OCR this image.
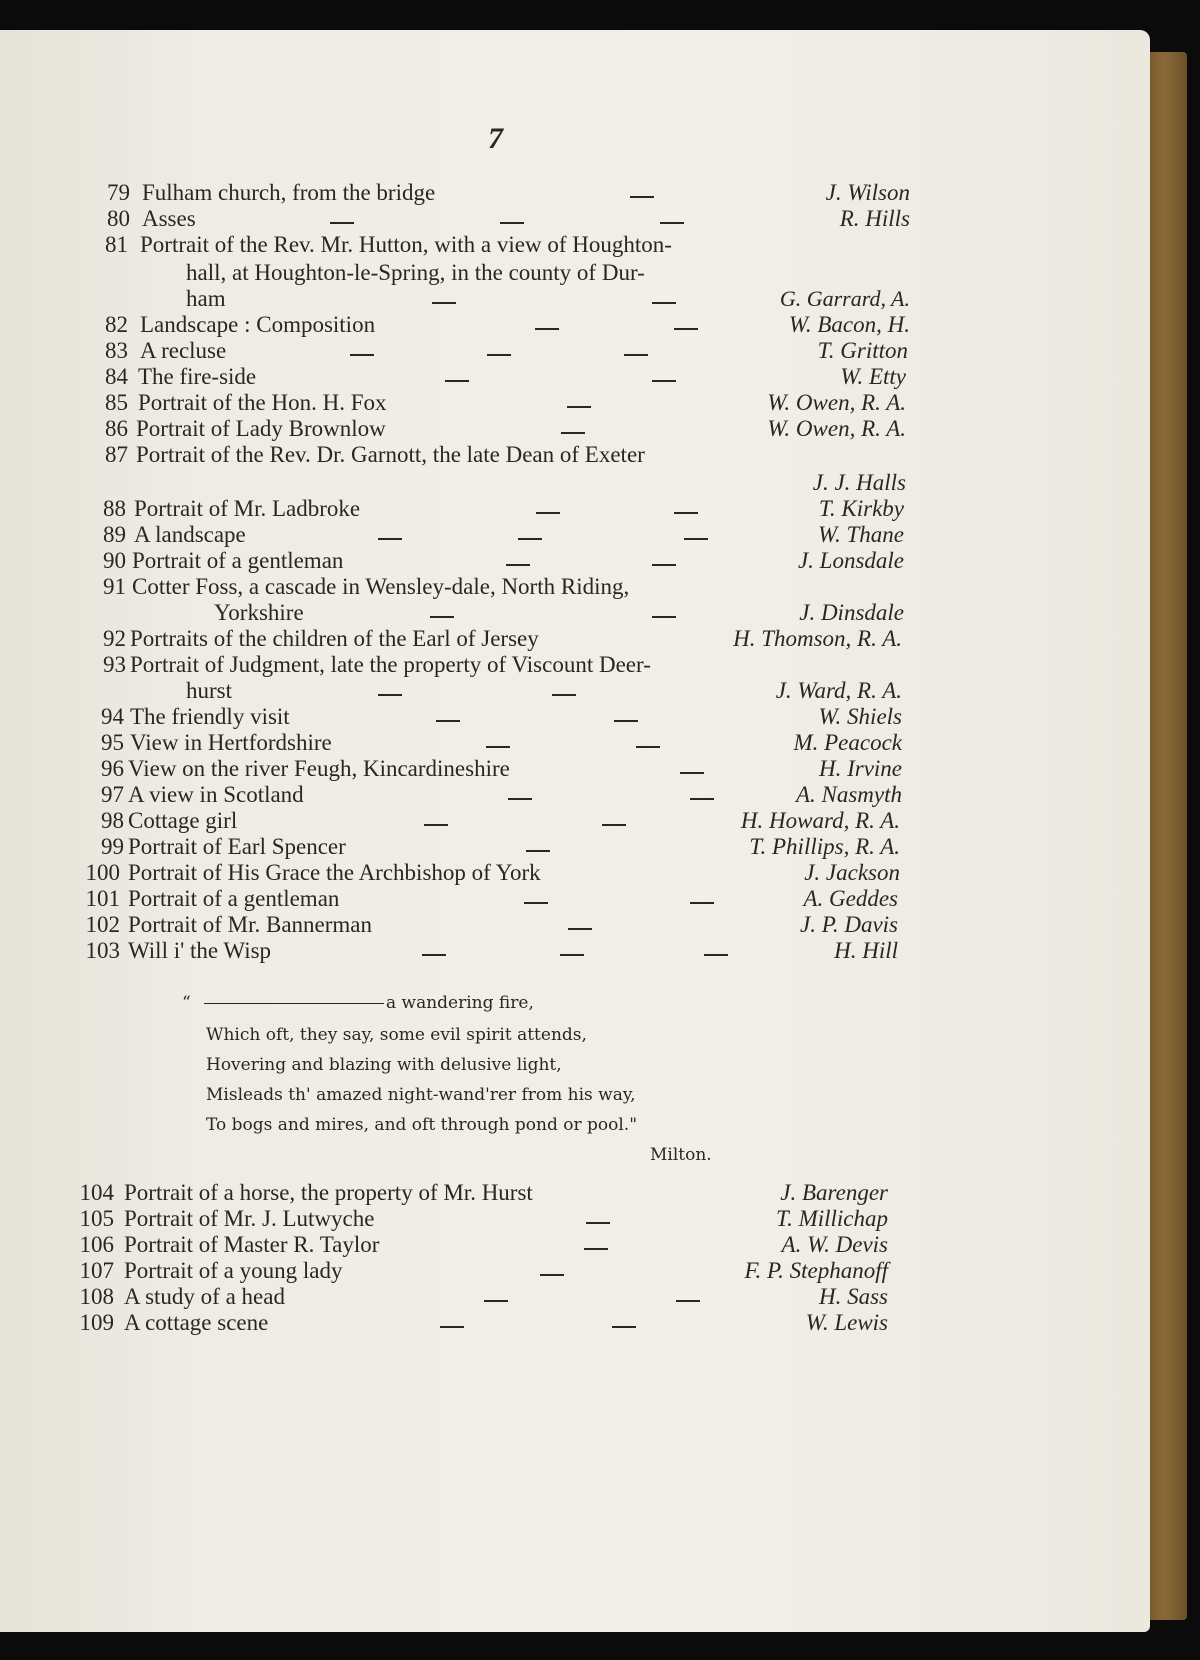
7
79 Fulham church, from the bridge	J. Wilson
80 Asses	R. Hills
81 Portrait of the Rev. Mr. Hutton, with a view of Houghton-
hall, at Houghton-le-Spring, in the county of Dur-
ham	G. Garrard, A.
82 Landscape : Composition	W. Bacon, H.
83 A recluse	T. Gritton
84 The fire-side	W. Etty
85 Portrait of the Hon. H. Fox	W. Owen, R. A.
86 Portrait of Lady Brownlow	W. Owen, R. A.
87 Portrait of the Rev. Dr. Garnott, the late Dean of Exeter
J. J. Halls
88 Portrait of Mr. Ladbroke	T. Kirkby
89 A landscape	W. Thane
90 Portrait of a gentleman	J. Lonsdale
91 Cotter Foss, a cascade in Wensley-dale, North Riding,
Yorkshire	J. Dinsdale
92 Portraits of the children of the Earl of Jersey	H. Thomson, R. A.
93 Portrait of Judgment, late the property of Viscount Deer-
hurst	J. Ward, R. A.
94 The friendly visit	W. Shiels
95 View in Hertfordshire	M. Peacock
96 View on the river Feugh, Kincardineshire	H. Irvine
97 A view in Scotland	A. Nasmyth
98 Cottage girl	H. Howard, R. A.
99 Portrait of Earl Spencer	T. Phillips, R. A.
100 Portrait of His Grace the Archbishop of York	J. Jackson
101 Portrait of a gentleman	A. Geddes
102 Portrait of Mr. Bannerman	J. P. Davis
103 Will i' the Wisp	H. Hill
“	a wandering fire,
Which oft, they say, some evil spirit attends,
Hovering and blazing with delusive light,
Misleads th' amazed night-wand'rer from his way,
To bogs and mires, and oft through pond or pool."
Milton.
104 Portrait of a horse, the property of Mr. Hurst	J. Barenger
105 Portrait of Mr. J. Lutwyche	T. Millichap
106 Portrait of Master R. Taylor	A. W. Devis
107 Portrait of a young lady	F. P. Stephanoff
108 A study of a head	H. Sass
109 A cottage scene	W. Lewis
